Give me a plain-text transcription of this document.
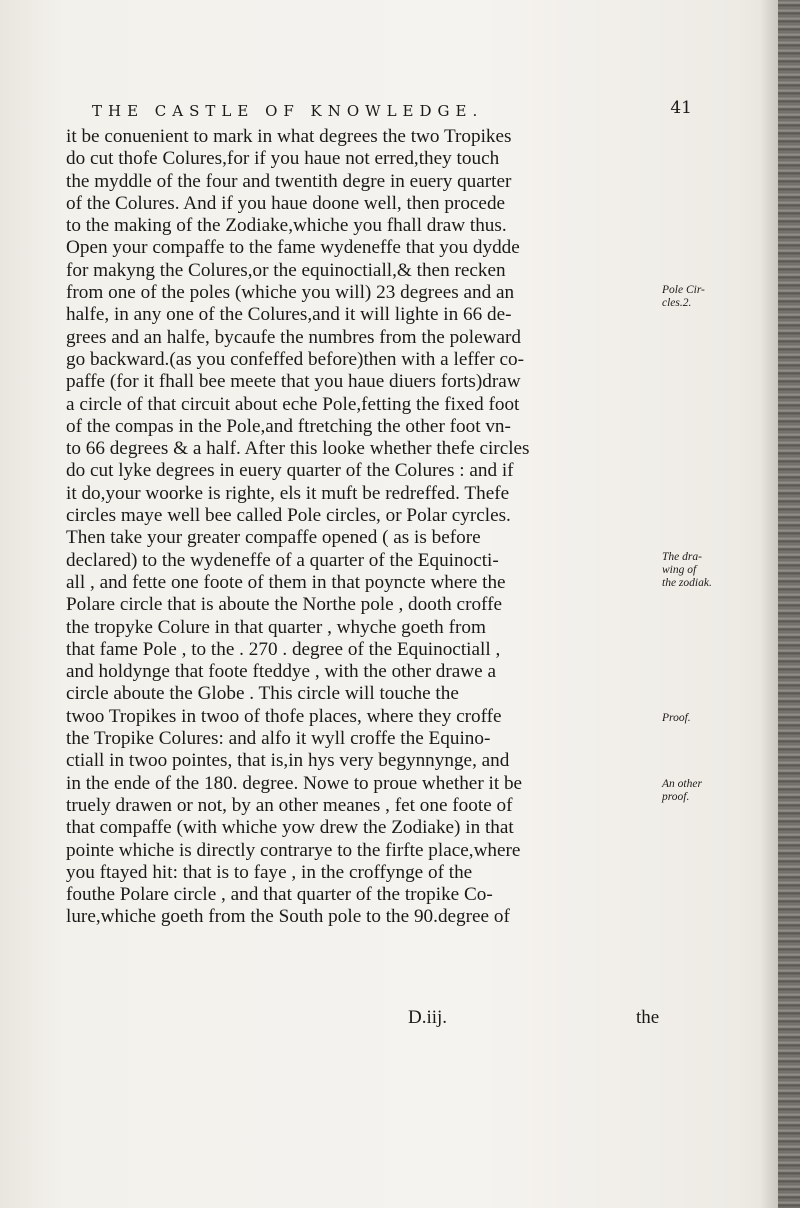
THE CASTLE OF KNOWLEDGE.	41
it be conuenient to mark in what degrees the two Tropikes
do cut thofe Colures,for if you haue not erred,they touch
the myddle of the four and twentith degre in euery quarter
of the Colures. And if you haue doone well, then procede
to the making of the Zodiake,whiche you fhall draw thus.
Open your compaffe to the fame wydeneffe that you dydde
for makyng the Colures,or the equinoctiall,& then recken
from one of the poles (whiche you will) 23 degrees and an
halfe, in any one of the Colures,and it will lighte in 66 de-
grees and an halfe, bycaufe the numbres from the poleward
go backward.(as you confeffed before)then with a leffer co-
paffe (for it fhall bee meete that you haue diuers forts)draw
a circle of that circuit about eche Pole,fetting the fixed foot
of the compas in the Pole,and ftretching the other foot vn-
to 66 degrees & a half. After this looke whether thefe circles
do cut lyke degrees in euery quarter of the Colures : and if
it do,your woorke is righte, els it muft be redreffed. Thefe
circles maye well bee called Pole circles, or Polar cyrcles.
Then take your greater compaffe opened ( as is before
declared) to the wydeneffe of a quarter of the Equinocti-
all , and fette one foote of them in that poyncte where the
Polare circle that is aboute the Northe pole , dooth croffe
the tropyke Colure in that quarter , whyche goeth from
that fame Pole , to the . 270 . degree of the Equinoctiall ,
and holdynge that foote fteddye , with the other drawe a
circle aboute the Globe . This circle will touche the
twoo Tropikes in twoo of thofe places, where they croffe
the Tropike Colures: and alfo it wyll croffe the Equino-
ctiall in twoo pointes, that is,in hys very begynnynge, and
in the ende of the 180. degree. Nowe to proue whether it be
truely drawen or not, by an other meanes , fet one foote of
that compaffe (with whiche yow drew the Zodiake) in that
pointe whiche is directly contrarye to the firfte place,where
you ftayed hit: that is to faye , in the croffynge of the
fouthe Polare circle , and that quarter of the tropike Co-
lure,whiche goeth from the South pole to the 90.degree of
Pole Cir-
cles.2.
The dra-
wing of
the zodiak.
Proof.
An other
proof.
D.iij.	the
